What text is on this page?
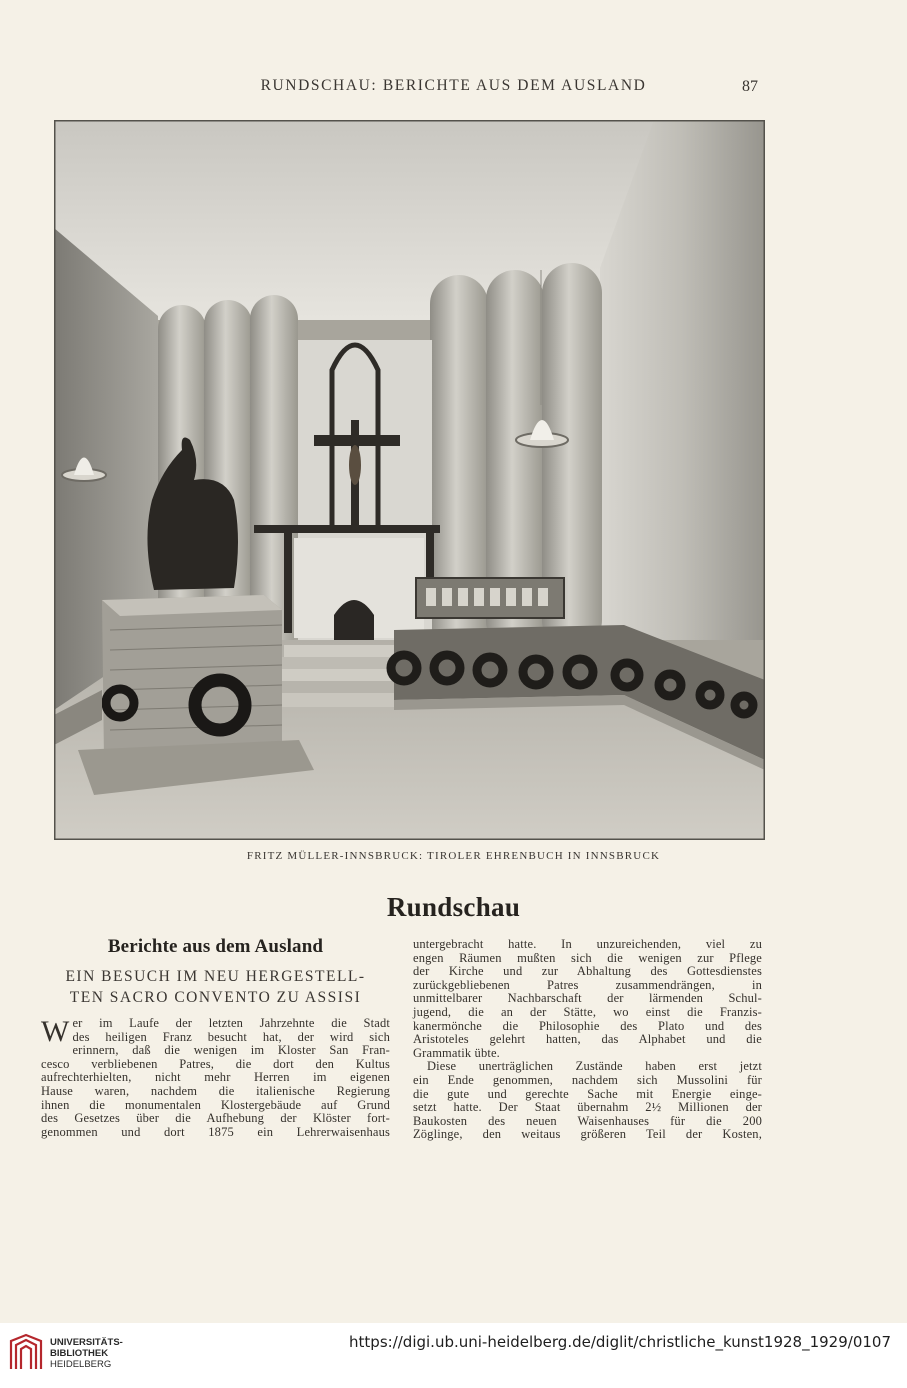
RUNDSCHAU: BERICHTE AUS DEM AUSLAND	87
FRITZ MÜLLER-INNSBRUCK: TIROLER EHRENBUCH IN INNSBRUCK
Rundschau
Berichte aus dem Ausland
EIN BESUCH IM NEU HERGESTELL-
TEN SACRO CONVENTO ZU ASSISI
W er im Laufe der letzten Jahrzehnte die Stadt
des heiligen Franz besucht hat, der wird sich
erinnern, daß die wenigen im Kloster San Fran-
cesco verbliebenen Patres, die dort den Kultus
aufrechterhielten, nicht mehr Herren im eigenen
Hause waren, nachdem die italienische Regierung
ihnen die monumentalen Klostergebäude auf Grund
des Gesetzes über die Aufhebung der Klöster fort-
genommen und dort 1875 ein Lehrerwaisenhaus
untergebracht hatte. In unzureichenden, viel zu
engen Räumen mußten sich die wenigen zur Pflege
der Kirche und zur Abhaltung des Gottesdienstes
zurückgebliebenen Patres zusammendrängen, in
unmittelbarer Nachbarschaft der lärmenden Schul-
jugend, die an der Stätte, wo einst die Franzis-
kanermönche die Philosophie des Plato und des
Aristoteles gelehrt hatten, das Alphabet und die
Grammatik übte.
Diese unerträglichen Zustände haben erst jetzt
ein Ende genommen, nachdem sich Mussolini für
die gute und gerechte Sache mit Energie einge-
setzt hatte. Der Staat übernahm 2½ Millionen der
Baukosten des neuen Waisenhauses für die 200
Zöglinge, den weitaus größeren Teil der Kosten,
UNIVERSITÄTS-
BIBLIOTHEK
HEIDELBERG
https://digi.ub.uni-heidelberg.de/diglit/christliche_kunst1928_1929/0107
